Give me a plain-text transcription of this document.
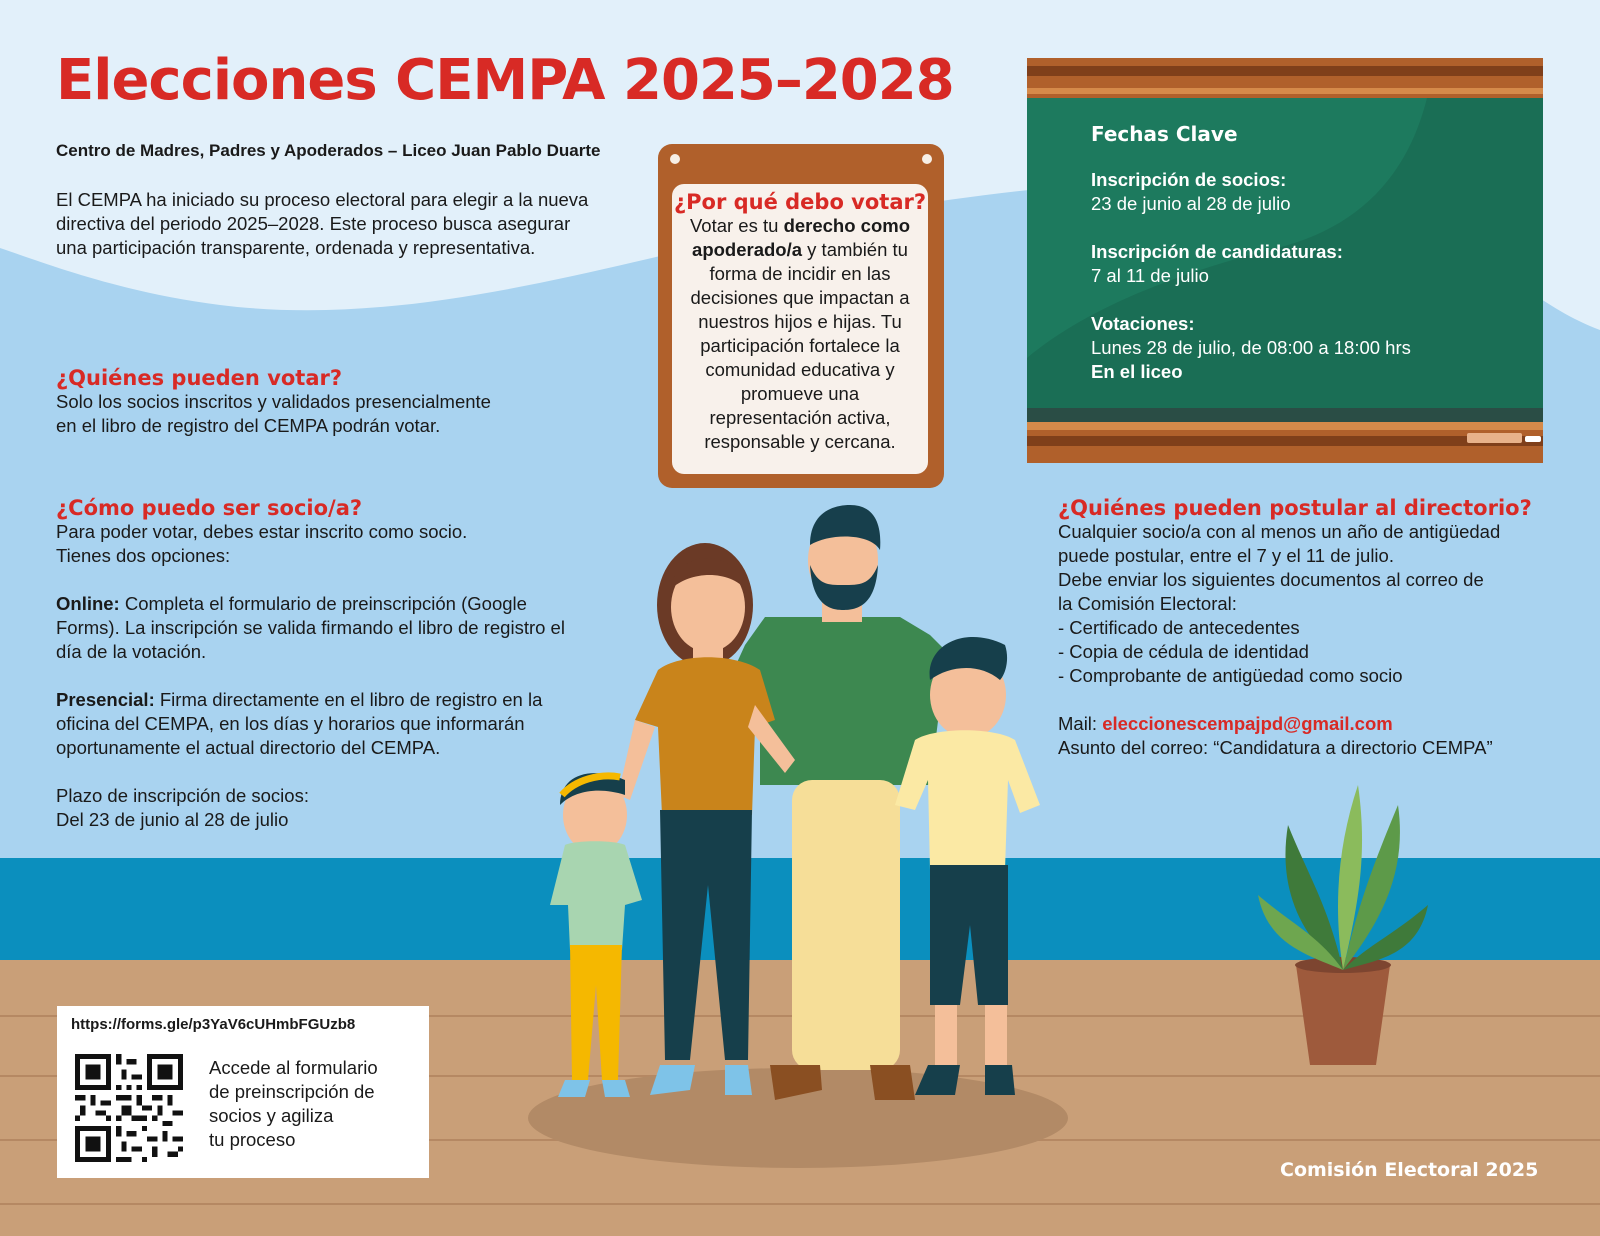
Elecciones CEMPA 2025–2028
Centro de Madres, Padres y Apoderados – Liceo Juan Pablo Duarte
El CEMPA ha iniciado su proceso electoral para elegir a la nueva
directiva del periodo 2025–2028. Este proceso busca asegurar
una participación transparente, ordenada y representativa.
¿Quiénes pueden votar?
Solo los socios inscritos y validados presencialmente
en el libro de registro del CEMPA podrán votar.
¿Cómo puedo ser socio/a?
Para poder votar, debes estar inscrito como socio.
Tienes dos opciones:
Online: Completa el formulario de preinscripción (Google
Forms). La inscripción se valida firmando el libro de registro el
día de la votación.
Presencial: Firma directamente en el libro de registro en la
oficina del CEMPA, en los días y horarios que informarán
oportunamente el actual directorio del CEMPA.
Plazo de inscripción de socios:
Del 23 de junio al 28 de julio
¿Por qué debo votar?
Votar es tu derecho como apoderado/a y también tu forma de incidir en las decisiones que impactan a nuestros hijos e hijas. Tu participación fortalece la comunidad educativa y promueve una representación activa, responsable y cercana.
Fechas Clave
Inscripción de socios:
23 de junio al 28 de julio
Inscripción de candidaturas:
7 al 11 de julio
Votaciones:
Lunes 28 de julio, de 08:00 a 18:00 hrs
En el liceo
¿Quiénes pueden postular al directorio?
Cualquier socio/a con al menos un año de antigüedad
puede postular, entre el 7 y el 11 de julio.
Debe enviar los siguientes documentos al correo de
la Comisión Electoral:
- Certificado de antecedentes
- Copia de cédula de identidad
- Comprobante de antigüedad como socio
Mail: eleccionescempajpd@gmail.com
Asunto del correo: “Candidatura a directorio CEMPA”
https://forms.gle/p3YaV6cUHmbFGUzb8
Accede al formulario
de preinscripción de
socios y agiliza
tu proceso
Comisión Electoral 2025
